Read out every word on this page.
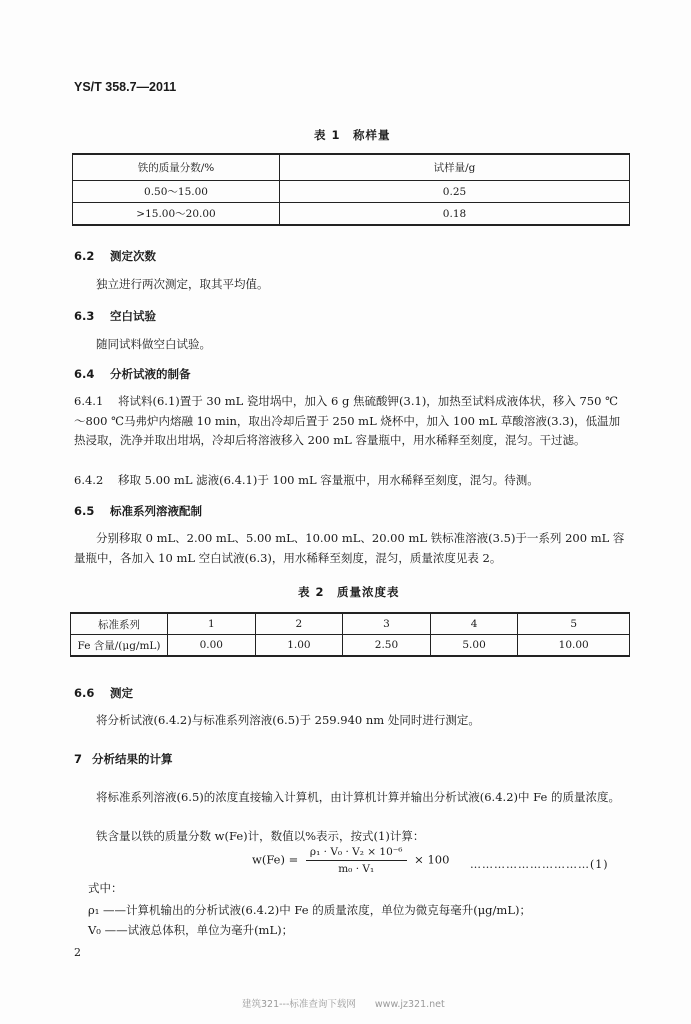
YS/T 358.7—2011
表 1　称样量
铁的质量分数/%	试样量/g
0.50～15.00	0.25
>15.00～20.00	0.18
6.2 测定次数
独立进行两次测定，取其平均值。
6.3 空白试验
随同试料做空白试验。
6.4 分析试液的制备
6.4.1 将试料(6.1)置于 30 mL 瓷坩埚中，加入 6 g 焦硫酸钾(3.1)，加热至试料成液体状，移入 750 ℃～800 ℃马弗炉内熔融 10 min，取出冷却后置于 250 mL 烧杯中，加入 100 mL 草酸溶液(3.3)，低温加热浸取，洗净并取出坩埚，冷却后将溶液移入 200 mL 容量瓶中，用水稀释至刻度，混匀。干过滤。
6.4.2 移取 5.00 mL 滤液(6.4.1)于 100 mL 容量瓶中，用水稀释至刻度，混匀。待测。
6.5 标准系列溶液配制
分别移取 0 mL、2.00 mL、5.00 mL、10.00 mL、20.00 mL 铁标准溶液(3.5)于一系列 200 mL 容量瓶中，各加入 10 mL 空白试液(6.3)，用水稀释至刻度，混匀，质量浓度见表 2。
表 2　质量浓度表
标准系列	1	2	3	4	5
Fe 含量/(μg/mL)	0.00	1.00	2.50	5.00	10.00
6.6 测定
将分析试液(6.4.2)与标准系列溶液(6.5)于 259.940 nm 处同时进行测定。
7 分析结果的计算
将标准系列溶液(6.5)的浓度直接输入计算机，由计算机计算并输出分析试液(6.4.2)中 Fe 的质量浓度。
铁含量以铁的质量分数 w(Fe)计，数值以%表示，按式(1)计算：
$w(Fe) = \frac{\text{ρ₁ · V₀ · V₂ × 10⁻⁶}}{\text{m₀ · V₁}} \times 100$ …………………………(1)
式中：
ρ₁ ——计算机输出的分析试液(6.4.2)中 Fe 的质量浓度，单位为微克每毫升(μg/mL)；
V₀ ——试液总体积，单位为毫升(mL)；
2
建筑321---标准查询下载网　　www.jz321.net
